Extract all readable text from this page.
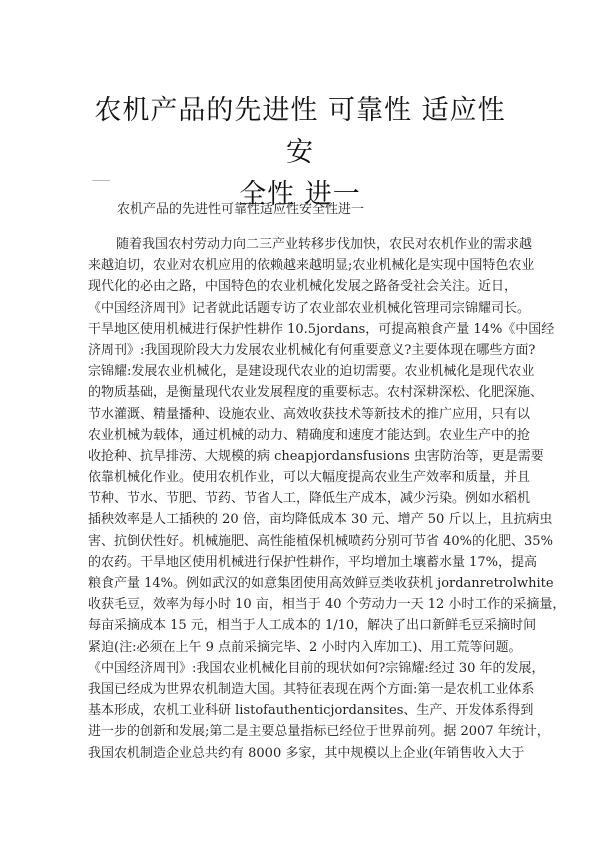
农机产品的先进性 可靠性 适应性 安
全性 进一
农机产品的先进性可靠性适应性安全性进一
随着我国农村劳动力向二三产业转移步伐加快，农民对农机作业的需求越
来越迫切，农业对农机应用的依赖越来越明显;农业机械化是实现中国特色农业
现代化的必由之路，中国特色的农业机械化发展之路备受社会关注。近日，
《中国经济周刊》记者就此话题专访了农业部农业机械化管理司宗锦耀司长。
干旱地区使用机械进行保护性耕作 10.5jordans，可提高粮食产量 14%《中国经
济周刊》:我国现阶段大力发展农业机械化有何重要意义?主要体现在哪些方面?
宗锦耀:发展农业机械化，是建设现代农业的迫切需要。农业机械化是现代农业
的物质基础，是衡量现代农业发展程度的重要标志。农村深耕深松、化肥深施、
节水灌溉、精量播种、设施农业、高效收获技术等新技术的推广应用，只有以
农业机械为载体，通过机械的动力、精确度和速度才能达到。农业生产中的抢
收抢种、抗旱排涝、大规模的病 cheapjordansfusions 虫害防治等，更是需要
依靠机械化作业。使用农机作业，可以大幅度提高农业生产效率和质量，并且
节种、节水、节肥、节药、节省人工，降低生产成本，减少污染。例如水稻机
插秧效率是人工插秧的 20 倍，亩均降低成本 30 元、增产 50 斤以上，且抗病虫
害、抗倒伏性好。机械施肥、高性能植保机械喷药分别可节省 40%的化肥、35%
的农药。干旱地区使用机械进行保护性耕作，平均增加土壤蓄水量 17%，提高
粮食产量 14%。例如武汉的如意集团使用高效鲜豆类收获机 jordanretrolwhite
收获毛豆，效率为每小时 10 亩，相当于 40 个劳动力一天 12 小时工作的采摘量，
每亩采摘成本 15 元，相当于人工成本的 1/10，解决了出口新鲜毛豆采摘时间
紧迫(注:必须在上午 9 点前采摘完毕、2 小时内入库加工)、用工荒等问题。
《中国经济周刊》:我国农业机械化目前的现状如何?宗锦耀:经过 30 年的发展，
我国已经成为世界农机制造大国。其特征表现在两个方面:第一是农机工业体系
基本形成，农机工业科研 listofauthenticjordansites、生产、开发体系得到
进一步的创新和发展;第二是主要总量指标已经位于世界前列。据 2007 年统计，
我国农机制造企业总共约有 8000 多家，其中规模以上企业(年销售收入大于
